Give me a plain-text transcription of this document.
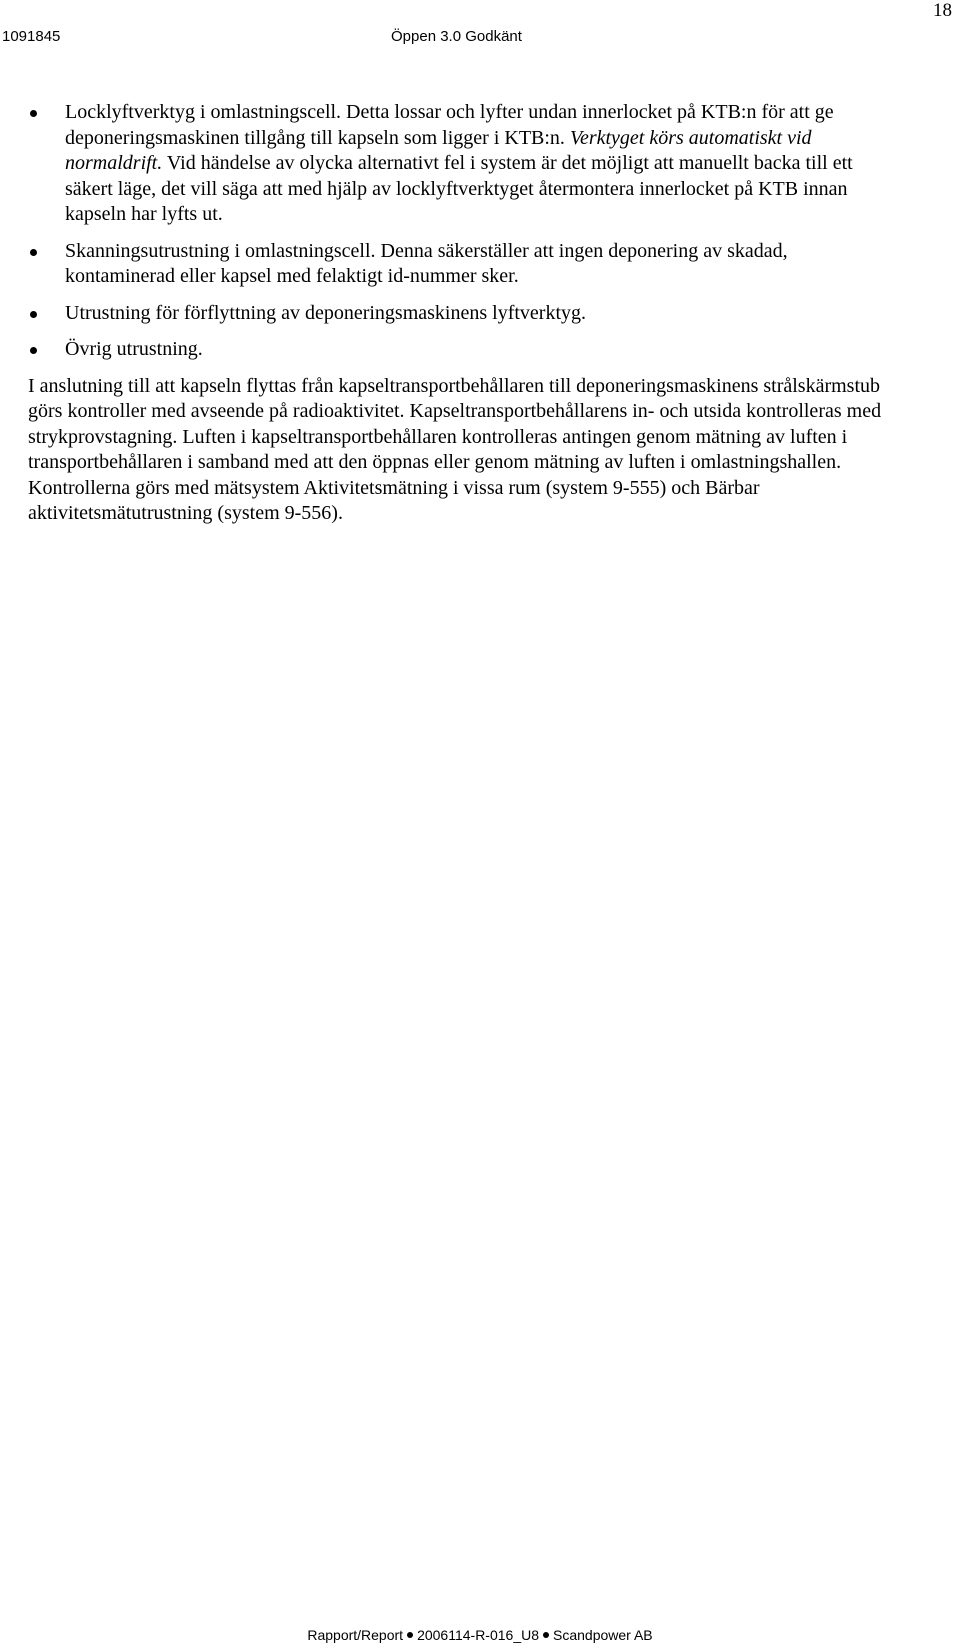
1091845	Öppen 3.0 Godkänt
18
Locklyftverktyg i omlastningscell. Detta lossar och lyfter undan innerlocket på KTB:n för att ge deponeringsmaskinen tillgång till kapseln som ligger i KTB:n. Verktyget körs automatiskt vid normaldrift. Vid händelse av olycka alternativt fel i system är det möjligt att manuellt backa till ett säkert läge, det vill säga att med hjälp av locklyftverktyget återmontera innerlocket på KTB innan kapseln har lyfts ut.
Skanningsutrustning i omlastningscell. Denna säkerställer att ingen deponering av skadad, kontaminerad eller kapsel med felaktigt id-nummer sker.
Utrustning för förflyttning av deponeringsmaskinens lyftverktyg.
Övrig utrustning.

I anslutning till att kapseln flyttas från kapseltransportbehållaren till deponeringsmaskinens strålskärmstub görs kontroller med avseende på radioaktivitet. Kapseltransportbehållarens in- och utsida kontrolleras med strykprovstagning. Luften i kapseltransportbehållaren kontrolleras antingen genom mätning av luften i transportbehållaren i samband med att den öppnas eller genom mätning av luften i omlastningshallen. Kontrollerna görs med mätsystem Aktivitetsmätning i vissa rum (system 9-555) och Bärbar aktivitetsmätutrustning (system 9-556).

Rapport/Report 2006114-R-016_U8 Scandpower AB
